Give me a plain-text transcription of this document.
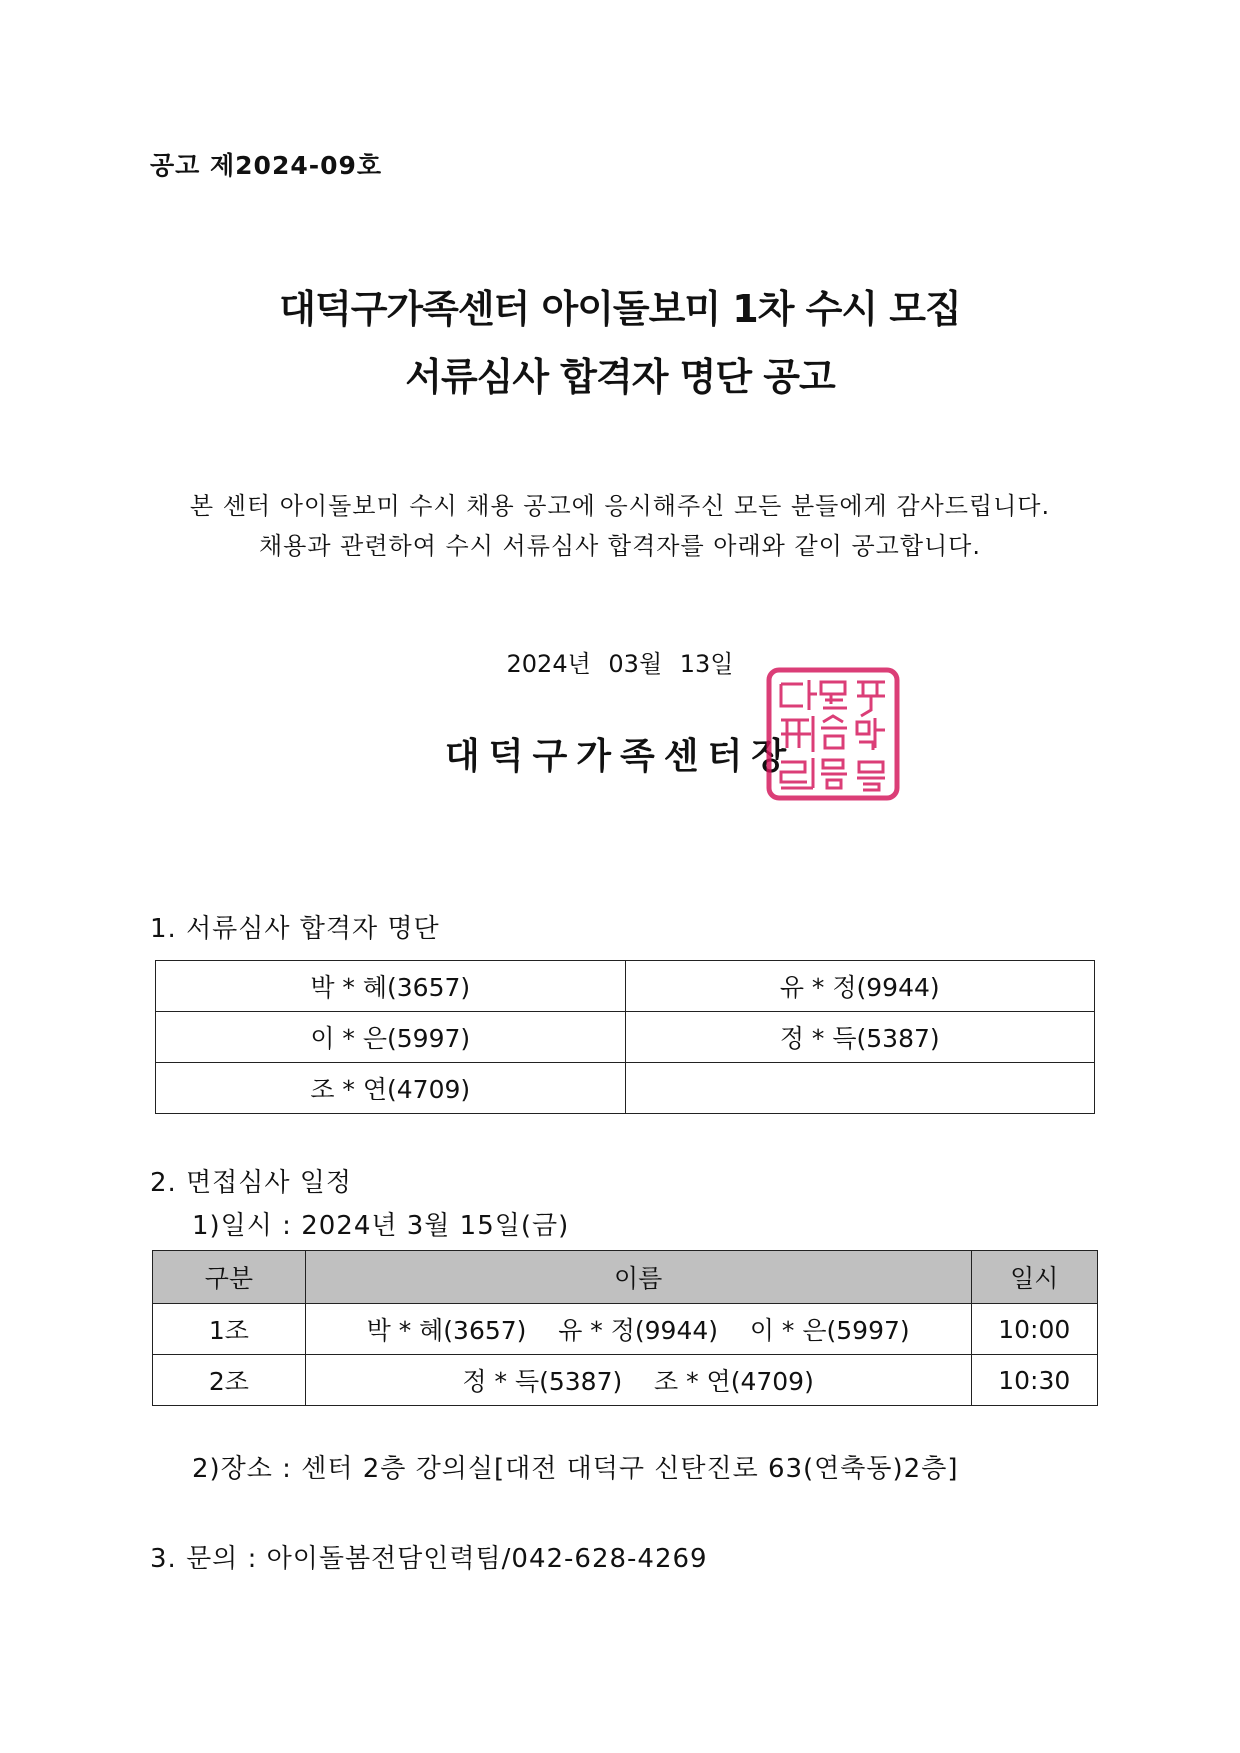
공고 제2024-09호
대덕구가족센터 아이돌보미 1차 수시 모집
서류심사 합격자 명단 공고
본 센터 아이돌보미 수시 채용 공고에 응시해주신 모든 분들에게 감사드립니다.
채용과 관련하여 수시 서류심사 합격자를 아래와 같이 공고합니다.
2024년 03월 13일
대덕구가족센터장
1. 서류심사 합격자 명단
박 * 혜(3657)	유 * 정(9944)
이 * 은(5997)	정 * 득(5387)
조 * 연(4709)	
2. 면접심사 일정
1)일시 : 2024년 3월 15일(금)
구분	이름	일시
1조	박 * 혜(3657)    유 * 정(9944)    이 * 은(5997)	10:00
2조	정 * 득(5387)    조 * 연(4709)	10:30
2)장소 : 센터 2층 강의실[대전 대덕구 신탄진로 63(연축동)2층]
3. 문의 : 아이돌봄전담인력팀/042-628-4269
